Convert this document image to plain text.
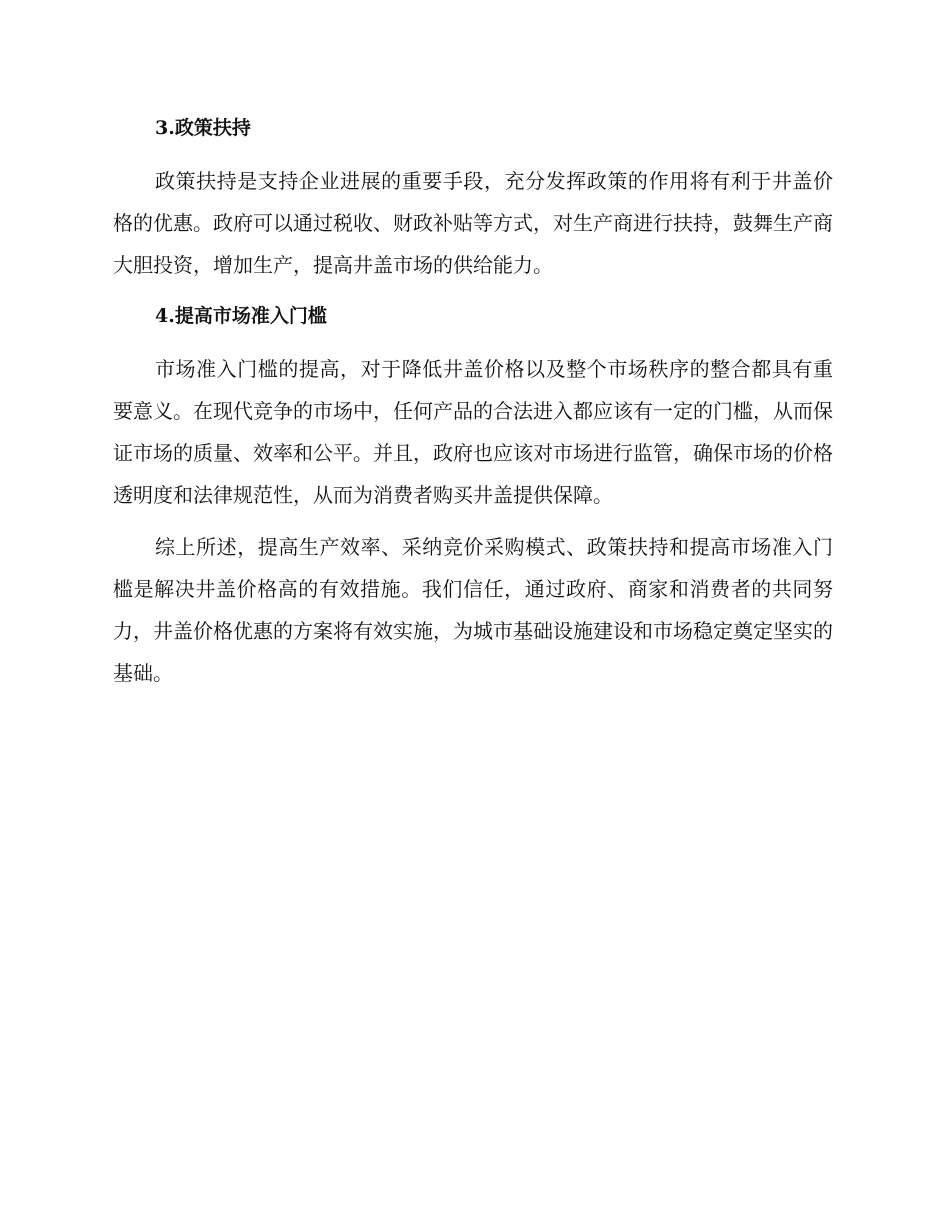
3.政策扶持

政策扶持是支持企业进展的重要手段，充分发挥政策的作用将有利于井盖价格的优惠。政府可以通过税收、财政补贴等方式，对生产商进行扶持，鼓舞生产商大胆投资，增加生产，提高井盖市场的供给能力。

4.提高市场准入门槛

市场准入门槛的提高，对于降低井盖价格以及整个市场秩序的整合都具有重要意义。在现代竞争的市场中，任何产品的合法进入都应该有一定的门槛，从而保证市场的质量、效率和公平。并且，政府也应该对市场进行监管，确保市场的价格透明度和法律规范性，从而为消费者购买井盖提供保障。

综上所述，提高生产效率、采纳竞价采购模式、政策扶持和提高市场准入门槛是解决井盖价格高的有效措施。我们信任，通过政府、商家和消费者的共同努力，井盖价格优惠的方案将有效实施，为城市基础设施建设和市场稳定奠定坚实的基础。
